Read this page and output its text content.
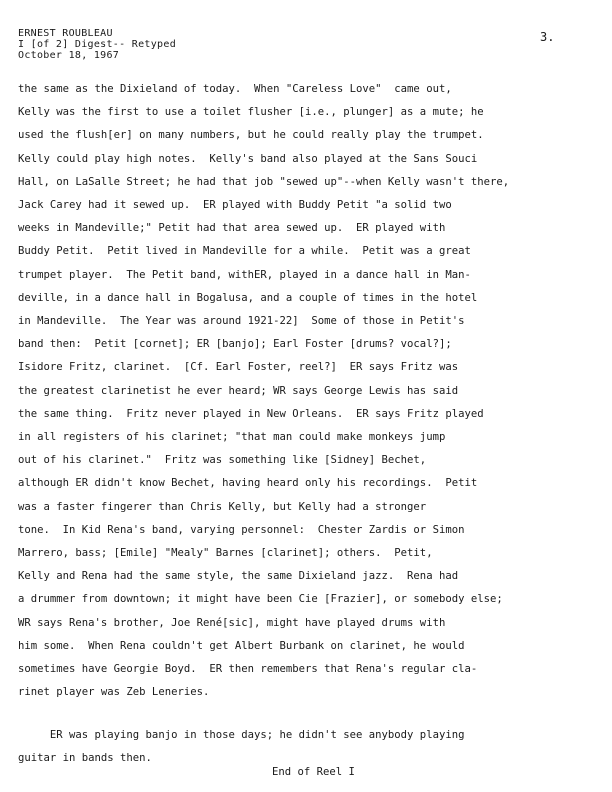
ERNEST ROUBLEAU
I [of 2] Digest-- Retyped
October 18, 1967
3.
the same as the Dixieland of today.  When "Careless Love"  came out,
Kelly was the first to use a toilet flusher [i.e., plunger] as a mute; he
used the flush[er] on many numbers, but he could really play the trumpet.
Kelly could play high notes.  Kelly's band also played at the Sans Souci
Hall, on LaSalle Street; he had that job "sewed up"--when Kelly wasn't there,
Jack Carey had it sewed up.  ER played with Buddy Petit "a solid two
weeks in Mandeville;" Petit had that area sewed up.  ER played with
Buddy Petit.  Petit lived in Mandeville for a while.  Petit was a great
trumpet player.  The Petit band, withER, played in a dance hall in Man-
deville, in a dance hall in Bogalusa, and a couple of times in the hotel
in Mandeville.  The Year was around 1921-22]  Some of those in Petit's
band then:  Petit [cornet]; ER [banjo]; Earl Foster [drums? vocal?];
Isidore Fritz, clarinet.  [Cf. Earl Foster, reel?]  ER says Fritz was
the greatest clarinetist he ever heard; WR says George Lewis has said
the same thing.  Fritz never played in New Orleans.  ER says Fritz played
in all registers of his clarinet; "that man could make monkeys jump
out of his clarinet."  Fritz was something like [Sidney] Bechet,
although ER didn't know Bechet, having heard only his recordings.  Petit
was a faster fingerer than Chris Kelly, but Kelly had a stronger
tone.  In Kid Rena's band, varying personnel:  Chester Zardis or Simon
Marrero, bass; [Emile] "Mealy" Barnes [clarinet]; others.  Petit,
Kelly and Rena had the same style, the same Dixieland jazz.  Rena had
a drummer from downtown; it might have been Cie [Frazier], or somebody else;
WR says Rena's brother, Joe René[sic], might have played drums with
him some.  When Rena couldn't get Albert Burbank on clarinet, he would
sometimes have Georgie Boyd.  ER then remembers that Rena's regular cla-
rinet player was Zeb Leneries.
ER was playing banjo in those days; he didn't see anybody playing
guitar in bands then.
End of Reel I
